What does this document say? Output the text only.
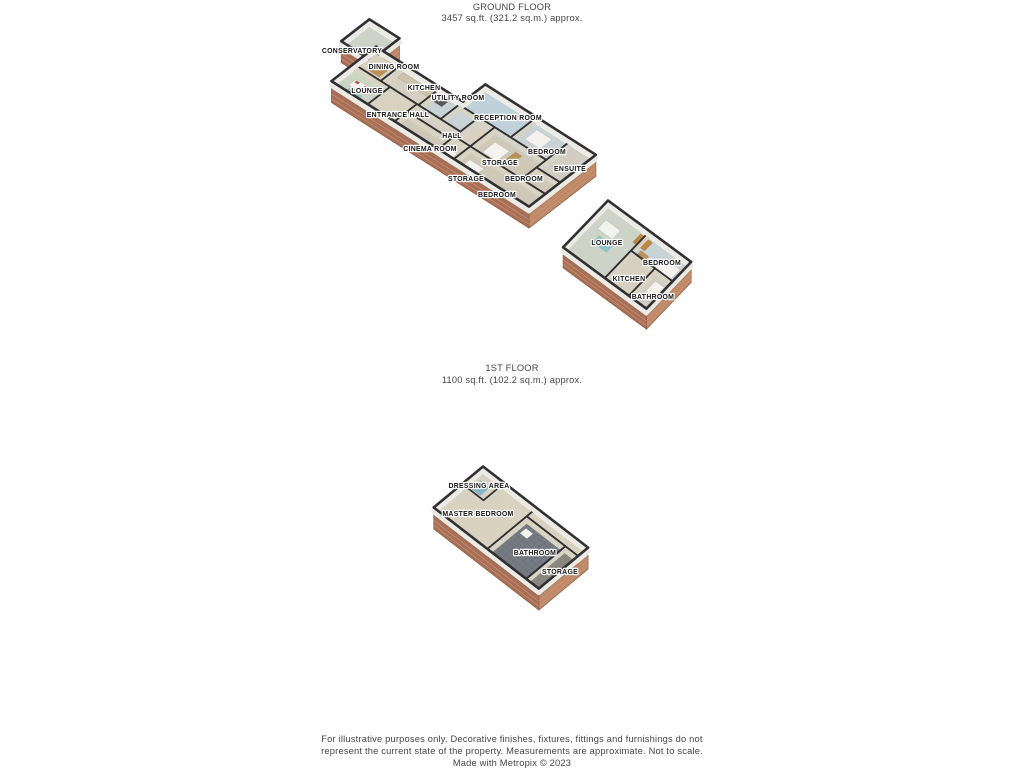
GROUND FLOOR
3457 sq.ft. (321.2 sq.m.) approx.
CONSERVATORY
DINING ROOM
KITCHEN
UTILITY ROOM
LOUNGE
ENTRANCE HALL	RECEPTION ROOM
HALL
CINEMA ROOM	BEDROOM
STORAGE
ENSUITE
STORAGE	BEDROOM
BEDROOM
LOUNGE
BEDROOM
KITCHEN
BATHROOM
DRESSING AREA
MASTER BEDROOM
BATHROOM
STORAGE
1ST FLOOR
1100 sq.ft. (102.2 sq.m.) approx.
For illustrative purposes only. Decorative finishes, fixtures, fittings and furnishings do not
represent the current state of the property. Measurements are approximate. Not to scale.
Made with Metropix © 2023
